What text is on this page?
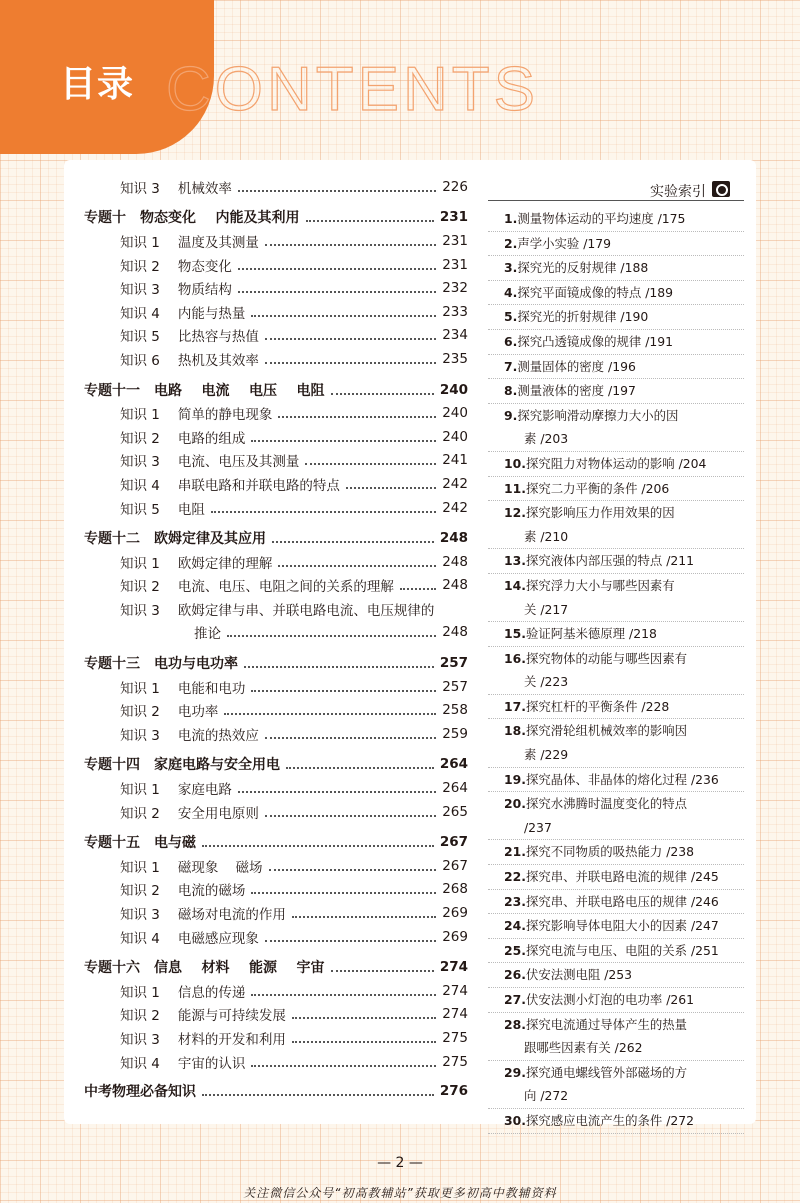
目录 CONTENTS
知识 3 机械效率	226
专题十 物态变化    内能及其利用	231
知识 1 温度及其测量	231
知识 2 物态变化	231
知识 3 物质结构	232
知识 4 内能与热量	233
知识 5 比热容与热值	234
知识 6 热机及其效率	235
专题十一 电路    电流    电压    电阻	240
知识 1 简单的静电现象	240
知识 2 电路的组成	240
知识 3 电流、电压及其测量	241
知识 4 串联电路和并联电路的特点	242
知识 5 电阻	242
专题十二 欧姆定律及其应用	248
知识 1 欧姆定律的理解	248
知识 2 电流、电压、电阻之间的关系的理解	248
知识 3 欧姆定律与串、并联电路电流、电压规律的
推论	248
专题十三 电功与电功率	257
知识 1 电能和电功	257
知识 2 电功率	258
知识 3 电流的热效应	259
专题十四 家庭电路与安全用电	264
知识 1 家庭电路	264
知识 2 安全用电原则	265
专题十五 电与磁	267
知识 1 磁现象    磁场	267
知识 2 电流的磁场	268
知识 3 磁场对电流的作用	269
知识 4 电磁感应现象	269
专题十六 信息    材料    能源    宇宙	274
知识 1 信息的传递	274
知识 2 能源与可持续发展	274
知识 3 材料的开发和利用	275
知识 4 宇宙的认识	275
中考物理必备知识	276
实验索引
1.测量物体运动的平均速度 /175
2.声学小实验 /179
3.探究光的反射规律 /188
4.探究平面镜成像的特点 /189
5.探究光的折射规律 /190
6.探究凸透镜成像的规律 /191
7.测量固体的密度 /196
8.测量液体的密度 /197
9.探究影响滑动摩擦力大小的因
素 /203
10.探究阻力对物体运动的影响 /204
11.探究二力平衡的条件 /206
12.探究影响压力作用效果的因
素 /210
13.探究液体内部压强的特点 /211
14.探究浮力大小与哪些因素有
关 /217
15.验证阿基米德原理 /218
16.探究物体的动能与哪些因素有
关 /223
17.探究杠杆的平衡条件 /228
18.探究滑轮组机械效率的影响因
素 /229
19.探究晶体、非晶体的熔化过程 /236
20.探究水沸腾时温度变化的特点
/237
21.探究不同物质的吸热能力 /238
22.探究串、并联电路电流的规律 /245
23.探究串、并联电路电压的规律 /246
24.探究影响导体电阻大小的因素 /247
25.探究电流与电压、电阻的关系 /251
26.伏安法测电阻 /253
27.伏安法测小灯泡的电功率 /261
28.探究电流通过导体产生的热量
跟哪些因素有关 /262
29.探究通电螺线管外部磁场的方
向 /272
30.探究感应电流产生的条件 /272
— 2 —
关注微信公众号“初高教辅站”获取更多初高中教辅资料
